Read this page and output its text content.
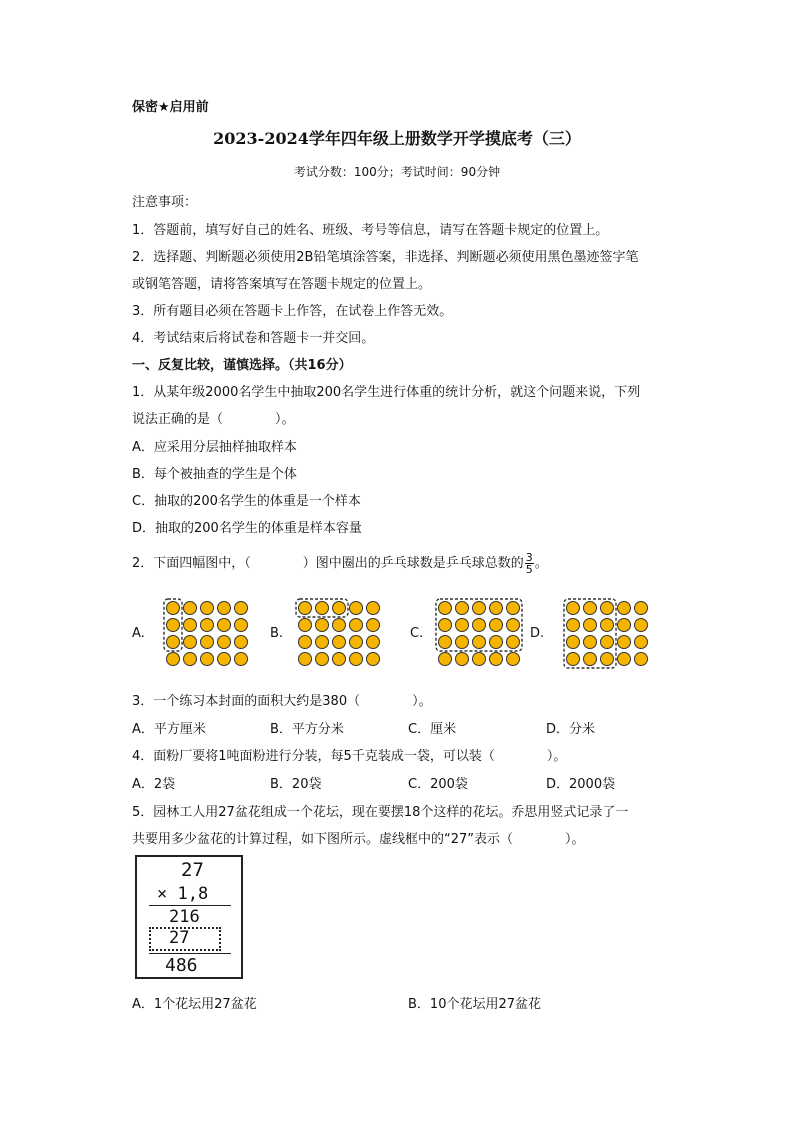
保密★启用前
2023-2024学年四年级上册数学开学摸底考（三）
考试分数：100分；考试时间：90分钟
注意事项：
1．答题前，填写好自己的姓名、班级、考号等信息，请写在答题卡规定的位置上。
2．选择题、判断题必须使用2B铅笔填涂答案，非选择、判断题必须使用黑色墨迹签字笔
或钢笔答题，请将答案填写在答题卡规定的位置上。
3．所有题目必须在答题卡上作答，在试卷上作答无效。
4．考试结束后将试卷和答题卡一并交回。
一、反复比较，谨慎选择。（共16分）
1．从某年级2000名学生中抽取200名学生进行体重的统计分析，就这个问题来说，下列
说法正确的是（　　　　）。
A．应采用分层抽样抽取样本
B．每个被抽查的学生是个体
C．抽取的200名学生的体重是一个样本
D．抽取的200名学生的体重是样本容量
2．下面四幅图中，（　　　　）图中圈出的乒乓球数是乒乓球总数的 $\frac{3}{5}$ 。
A.	B.	C.	D.
3．一个练习本封面的面积大约是380（　　　　）。
A．平方厘米	B．平方分米	C．厘米	D．分米
4．面粉厂要将1吨面粉进行分装，每5千克装成一袋，可以装（　　　　）。
A．2袋	B．20袋	C．200袋	D．2000袋
5．园林工人用27盆花组成一个花坛，现在要摆18个这样的花坛。乔思用竖式记录了一
共要用多少盆花的计算过程，如下图所示。虚线框中的“27”表示（　　　　）。
27
× 1,8
216
27
486
A．1个花坛用27盆花	B．10个花坛用27盆花
